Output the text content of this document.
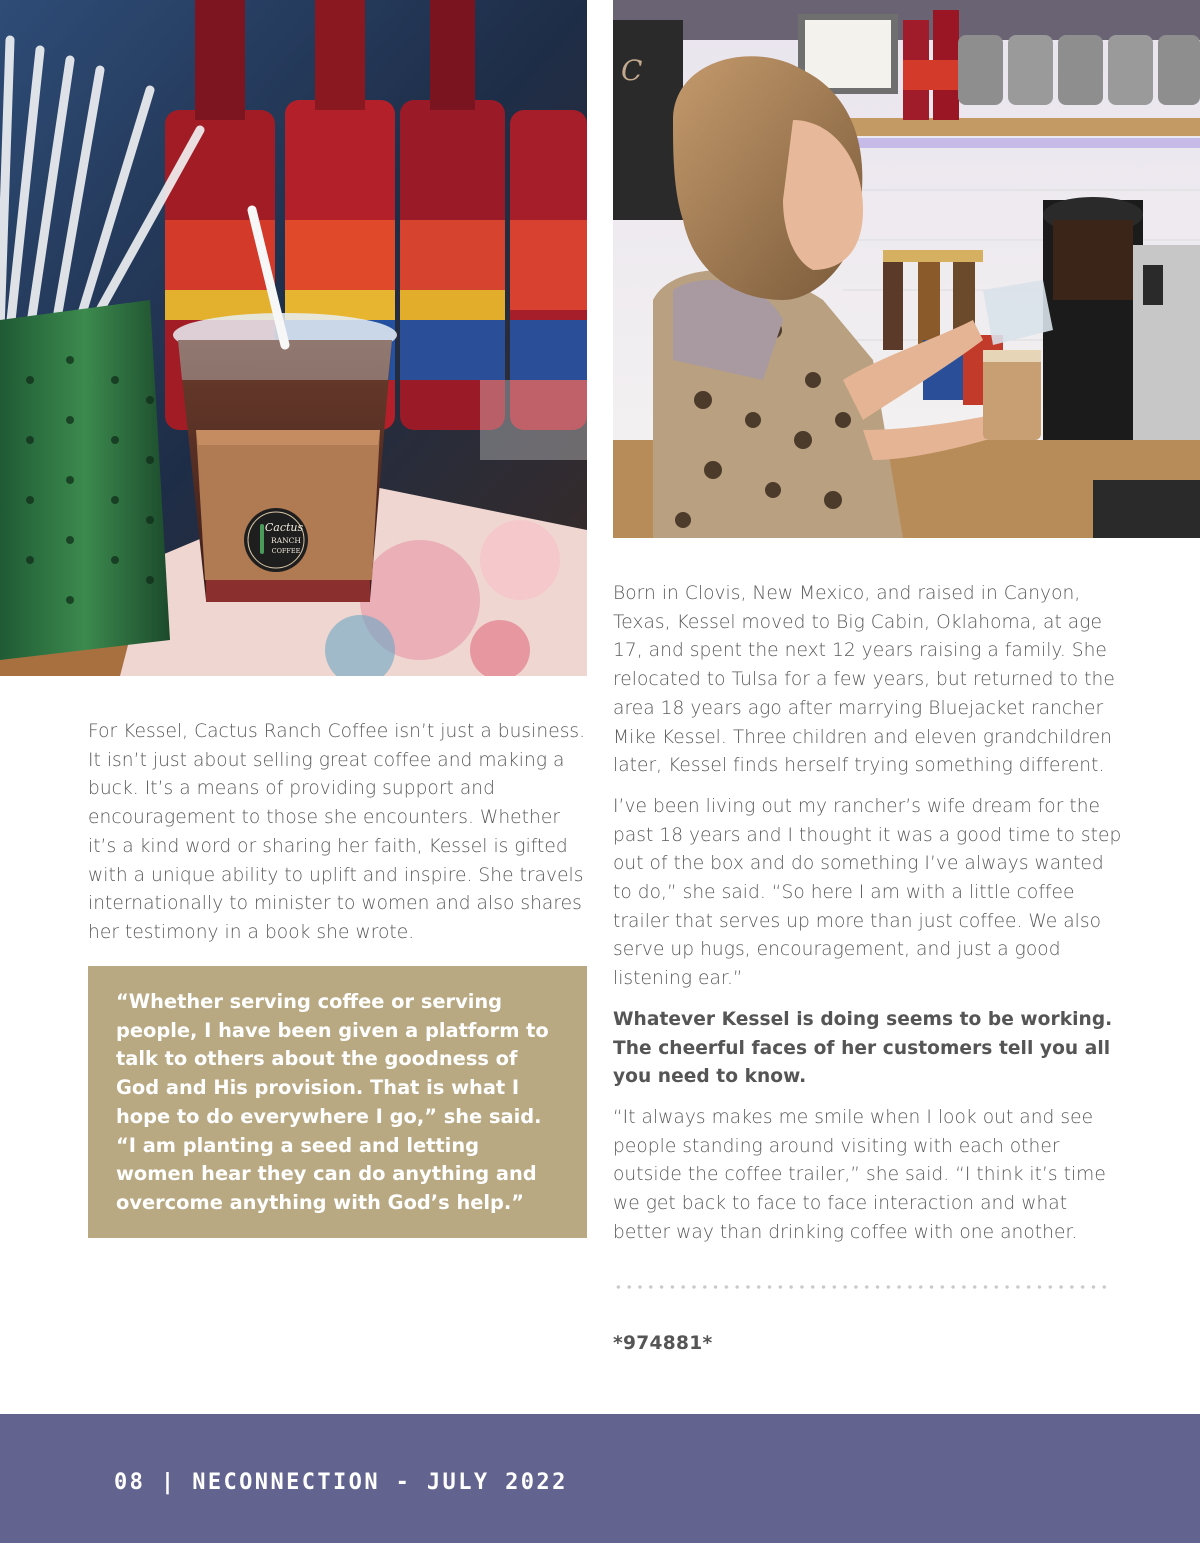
Cactus
RANCH
COFFEE
C

For Kessel, Cactus Ranch Coffee isn’t just a business. It isn’t just about selling great coffee and making a buck. It’s a means of providing support and encouragement to those she encounters. Whether it’s a kind word or sharing her faith, Kessel is gifted with a unique ability to uplift and inspire. She travels internationally to minister to women and also shares her testimony in a book she wrote.

“Whether serving coffee or serving people, I have been given a platform to talk to others about the goodness of God and His provision. That is what I hope to do everywhere I go,” she said. “I am planting a seed and letting women hear they can do anything and overcome anything with God’s help.”

Born in Clovis, New Mexico, and raised in Canyon, Texas, Kessel moved to Big Cabin, Oklahoma, at age 17, and spent the next 12 years raising a family. She relocated to Tulsa for a few years, but returned to the area 18 years ago after marrying Bluejacket rancher Mike Kessel. Three children and eleven grandchildren later, Kessel finds herself trying something different.

I’ve been living out my rancher’s wife dream for the past 18 years and I thought it was a good time to step out of the box and do something I’ve always wanted to do,” she said. “So here I am with a little coffee trailer that serves up more than just coffee. We also serve up hugs, encouragement, and just a good listening ear.”

Whatever Kessel is doing seems to be working. The cheerful faces of her customers tell you all you need to know.

“It always makes me smile when I look out and see people standing around visiting with each other outside the coffee trailer,” she said. “I think it’s time we get back to face to face interaction and what better way than drinking coffee with one another.

*974881*
08 | NECONNECTION - JULY 2022
